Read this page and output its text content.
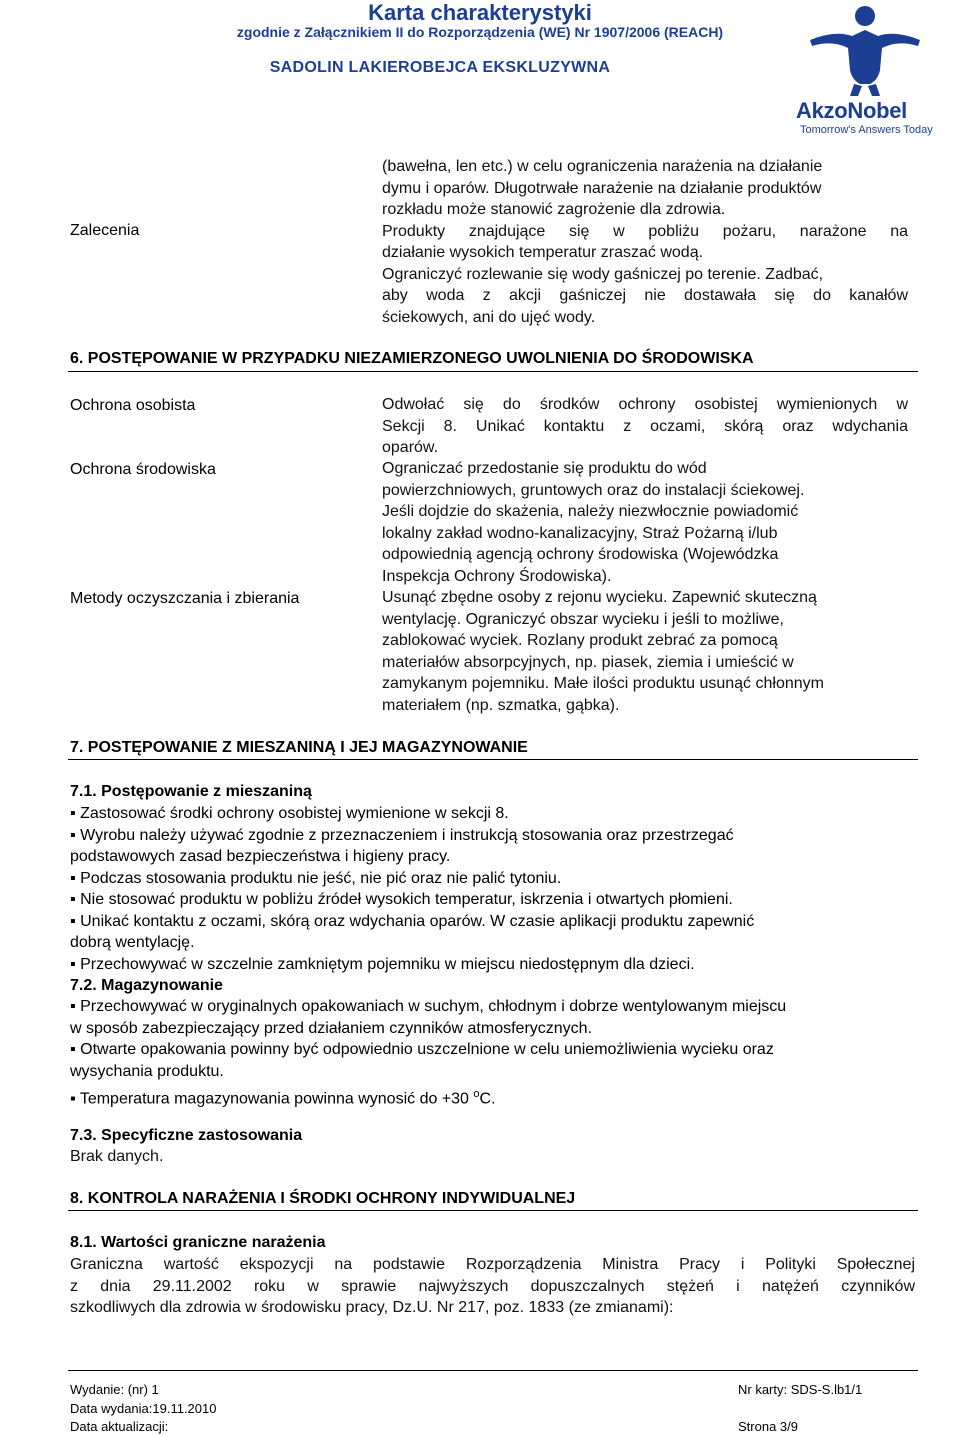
Karta charakterystyki
zgodnie z Załącznikiem II do Rozporządzenia (WE) Nr 1907/2006 (REACH)
SADOLIN LAKIEROBEJCA EKSKLUZYWNA
AkzoNobel
Tomorrow's Answers Today
Zalecenia
(bawełna, len etc.) w celu ograniczenia narażenia na działanie
dymu i oparów. Długotrwałe narażenie na działanie produktów
rozkładu może stanowić zagrożenie dla zdrowia.
Produkty znajdujące się w pobliżu pożaru, narażone na
działanie wysokich temperatur zraszać wodą.
Ograniczyć rozlewanie się wody gaśniczej po terenie. Zadbać,
aby woda z akcji gaśniczej nie dostawała się do kanałów
ściekowych, ani do ujęć wody.
6. POSTĘPOWANIE W PRZYPADKU NIEZAMIERZONEGO UWOLNIENIA DO ŚRODOWISKA
Ochrona osobista
Ochrona środowiska
Metody oczyszczania i zbierania
Odwołać się do środków ochrony osobistej wymienionych w
Sekcji 8. Unikać kontaktu z oczami, skórą oraz wdychania
oparów.
Ograniczać przedostanie się produktu do wód
powierzchniowych, gruntowych oraz do instalacji ściekowej.
Jeśli dojdzie do skażenia, należy niezwłocznie powiadomić
lokalny zakład wodno-kanalizacyjny, Straż Pożarną i/lub
odpowiednią agencją ochrony środowiska (Wojewódzka
Inspekcja Ochrony Środowiska).
Usunąć zbędne osoby z rejonu wycieku. Zapewnić skuteczną
wentylację. Ograniczyć obszar wycieku i jeśli to możliwe,
zablokować wyciek. Rozlany produkt zebrać za pomocą
materiałów absorpcyjnych, np. piasek, ziemia i umieścić w
zamykanym pojemniku. Małe ilości produktu usunąć chłonnym
materiałem (np. szmatka, gąbka).
7. POSTĘPOWANIE Z MIESZANINĄ I JEJ MAGAZYNOWANIE
7.1. Postępowanie z mieszaniną
▪ Zastosować środki ochrony osobistej wymienione w sekcji 8.
▪ Wyrobu należy używać zgodnie z przeznaczeniem i instrukcją stosowania oraz przestrzegać
podstawowych zasad bezpieczeństwa i higieny pracy.
▪ Podczas stosowania produktu nie jeść, nie pić oraz nie palić tytoniu.
▪ Nie stosować produktu w pobliżu źródeł wysokich temperatur, iskrzenia i otwartych płomieni.
▪ Unikać kontaktu z oczami, skórą oraz wdychania oparów. W czasie aplikacji produktu zapewnić
dobrą wentylację.
▪ Przechowywać w szczelnie zamkniętym pojemniku w miejscu niedostępnym dla dzieci.
7.2. Magazynowanie
▪ Przechowywać w oryginalnych opakowaniach w suchym, chłodnym i dobrze wentylowanym miejscu
w sposób zabezpieczający przed działaniem czynników atmosferycznych.
▪ Otwarte opakowania powinny być odpowiednio uszczelnione w celu uniemożliwienia wycieku oraz
wysychania produktu.
▪ Temperatura magazynowania powinna wynosić do +30 $^o$C.
7.3. Specyficzne zastosowania
Brak danych.
8. KONTROLA NARAŻENIA I ŚRODKI OCHRONY INDYWIDUALNEJ
8.1. Wartości graniczne narażenia
Graniczna wartość ekspozycji na podstawie Rozporządzenia Ministra Pracy i Polityki Społecznej
z dnia 29.11.2002 roku w sprawie najwyższych dopuszczalnych stężeń i natężeń czynników
szkodliwych dla zdrowia w środowisku pracy, Dz.U. Nr 217, poz. 1833 (ze zmianami):
Wydanie: (nr) 1
Data wydania:19.11.2010
Data aktualizacji:
Nr karty: SDS-S.lb1/1
Strona 3/9
